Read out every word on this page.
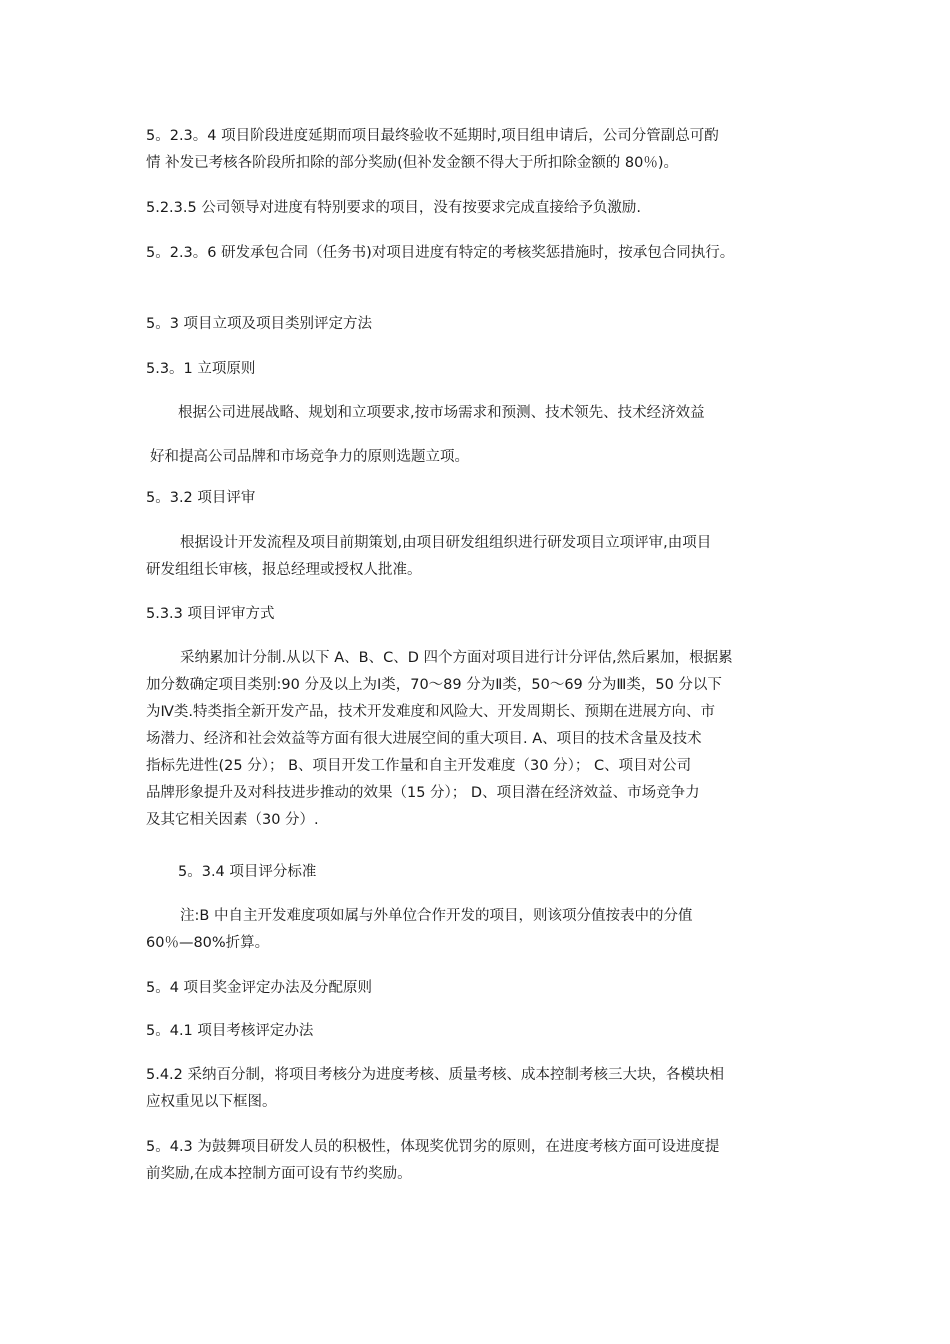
5。2.3。4 项目阶段进度延期而项目最终验收不延期时,项目组申请后，公司分管副总可酌
情 补发已考核各阶段所扣除的部分奖励(但补发金额不得大于所扣除金额的 80％)。

5.2.3.5 公司领导对进度有特别要求的项目，没有按要求完成直接给予负激励.

5。2.3。6 研发承包合同（任务书)对项目进度有特定的考核奖惩措施时，按承包合同执行。

5。3 项目立项及项目类别评定方法

5.3。1 立项原则

根据公司进展战略、规划和立项要求,按市场需求和预测、技术领先、技术经济效益

好和提高公司品牌和市场竞争力的原则选题立项。

5。3.2 项目评审

根据设计开发流程及项目前期策划,由项目研发组组织进行研发项目立项评审,由项目
研发组组长审核，报总经理或授权人批准。

5.3.3 项目评审方式

采纳累加计分制.从以下 A、B、C、D 四个方面对项目进行计分评估,然后累加，根据累
加分数确定项目类别:90 分及以上为Ⅰ类，70～89 分为Ⅱ类，50～69 分为Ⅲ类，50 分以下
为Ⅳ类.特类指全新开发产品，技术开发难度和风险大、开发周期长、预期在进展方向、市
场潜力、经济和社会效益等方面有很大进展空间的重大项目. A、项目的技术含量及技术
指标先进性(25 分）； B、项目开发工作量和自主开发难度（30 分）； C、项目对公司
品牌形象提升及对科技进步推动的效果（15 分）； D、项目潜在经济效益、市场竞争力
及其它相关因素（30 分）.

5。3.4 项目评分标准

注:B 中自主开发难度项如属与外单位合作开发的项目，则该项分值按表中的分值
60％—80%折算。

5。4 项目奖金评定办法及分配原则

5。4.1 项目考核评定办法

5.4.2 采纳百分制，将项目考核分为进度考核、质量考核、成本控制考核三大块，各模块相
应权重见以下框图。

5。4.3 为鼓舞项目研发人员的积极性，体现奖优罚劣的原则，在进度考核方面可设进度提
前奖励,在成本控制方面可设有节约奖励。
